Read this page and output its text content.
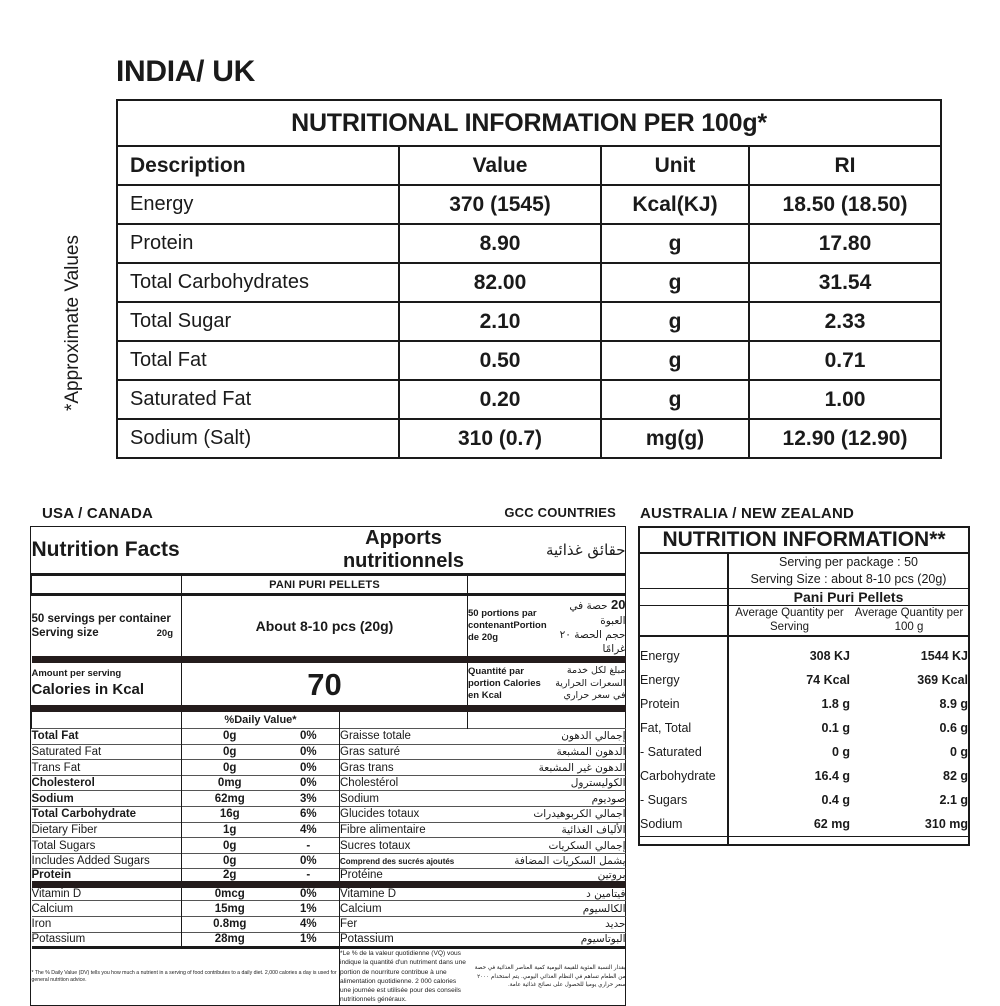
INDIA/ UK
*Approximate Values
NUTRITIONAL INFORMATION PER 100g*			
Description	Value	Unit	RI
Energy	370 (1545)	Kcal(KJ)	18.50 (18.50)
Protein	8.90	g	17.80
Total Carbohydrates	82.00	g	31.54
Total Sugar	2.10	g	2.33
Total Fat	0.50	g	0.71
Saturated Fat	0.20	g	1.00
Sodium (Salt)	310 (0.7)	mg(g)	12.90 (12.90)
USA / CANADA	GCC COUNTRIES
Nutrition Facts	Apports nutritionnels	حقائق غذائية
	PANI PURI PELLETS	
50 servings per container
Serving size	20g	About 8-10 pcs (20g)	
50 portions par contenantPortion de 20g	20 حصة في العبوة
حجم الحصة ٢٠ غرامًا

Amount per serving
Calories in Kcal	70		Quantité par portion Calories en Kcal	مبلغ لكل خدمة السعرات الحرارية في سعر حراري

	%Daily Value*		
Total Fat	0g	0%	Graisse totale	إجمالي الدهون
Saturated Fat	0g	0%	Gras saturé	الدهون المشبعة
Trans Fat	0g	0%	Gras trans	الدهون غير المشبعة
Cholesterol	0mg	0%	Cholestérol	الكوليسترول
Sodium	62mg	3%	Sodium	صوديوم
Total Carbohydrate	16g	6%	Glucides totaux	اجمالي الكربوهيدرات
Dietary Fiber	1g	4%	Fibre alimentaire	الألياف الغذائية
Total Sugars	0g	-	Sucres totaux	إجمالي السكريات
Includes Added Sugars	0g	0%	Comprend des sucrés ajoutés	يشمل السكريات المضافة
Protein	2g	-	Protéine	بروتين
Vitamin D	0mcg	0%	Vitamine D	فيتامين د
Calcium	15mg	1%	Calcium	الكالسيوم
Iron	0.8mg	4%	Fer	حديد
Potassium	28mg	1%	Potassium	البوتاسيوم
* The % Daily Value (DV) tells you how much a nutrient in a serving of food contributes to a daily diet. 2,000 calories a day is used for general nutrition advice.	*Le % de la valeur quotidienne (VQ) vous indique la quantité d'un nutriment dans une portion de nourriture contribue à une alimentation quotidienne. 2 000 calories une journée est utilisée pour des conseils nutritionnels généraux.	يقدار النسبة المئوية للقيمة اليومية كمية العناصر الغذائية في حصة من الطعام تساهم في النظام الغذائي اليومي. يتم استخدام ٢٠٠٠ سعر حراري يوميا للحصول على نصائح غذائية عامة.
AUSTRALIA / NEW ZEALAND
NUTRITION INFORMATION**		
	Serving per package : 50
Serving Size : about 8-10 pcs (20g)	
	Pani Puri Pellets	
	Average Quantity per Serving	Average Quantity per 100 g

Energy	308 KJ	1544 KJ
Energy	74 Kcal	369 Kcal
Protein	1.8 g	8.9 g
Fat, Total	0.1 g	0.6 g
- Saturated	0 g	0 g
Carbohydrate	16.4 g	82 g
- Sugars	0.4 g	2.1 g
Sodium	62 mg	310 mg
